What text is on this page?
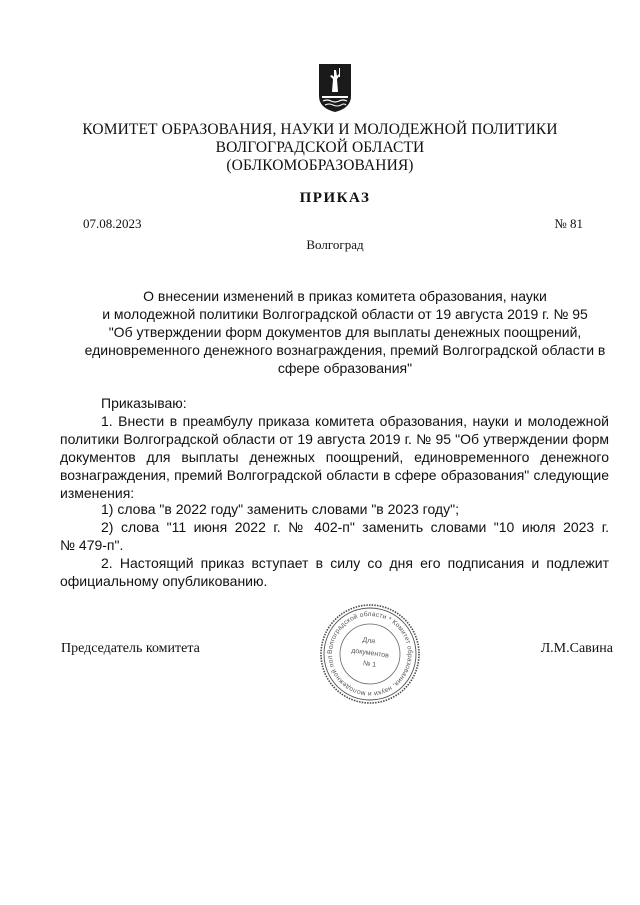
КОМИТЕТ ОБРАЗОВАНИЯ, НАУКИ И МОЛОДЕЖНОЙ ПОЛИТИКИ
ВОЛГОГРАДСКОЙ ОБЛАСТИ
(ОБЛКОМОБРАЗОВАНИЯ)
ПРИКАЗ
07.08.2023	№ 81
Волгоград
О внесении изменений в приказ комитета образования, науки
и молодежной политики Волгоградской области от 19 августа 2019 г. № 95
"Об утверждении форм документов для выплаты денежных поощрений,
единовременного денежного вознаграждения, премий Волгоградской области в
сфере образования"
Приказываю:
1. Внести в преамбулу приказа комитета образования, науки и молодежной
политики Волгоградской области от 19 августа 2019 г. № 95 "Об утверждении форм
документов для выплаты денежных поощрений, единовременного денежного
вознаграждения, премий Волгоградской области в сфере образования" следующие
изменения:
1) слова "в 2022 году" заменить словами "в 2023 году";
2) слова "11 июня 2022 г. № 402-п" заменить словами "10 июля 2023 г.
№ 479-п".
2. Настоящий приказ вступает в силу со дня его подписания и подлежит
официальному опубликованию.
Председатель комитета	Л.М.Савина
Волгоградской области * Комитет образования, науки и молодежной пол
Для
документов
№ 1
